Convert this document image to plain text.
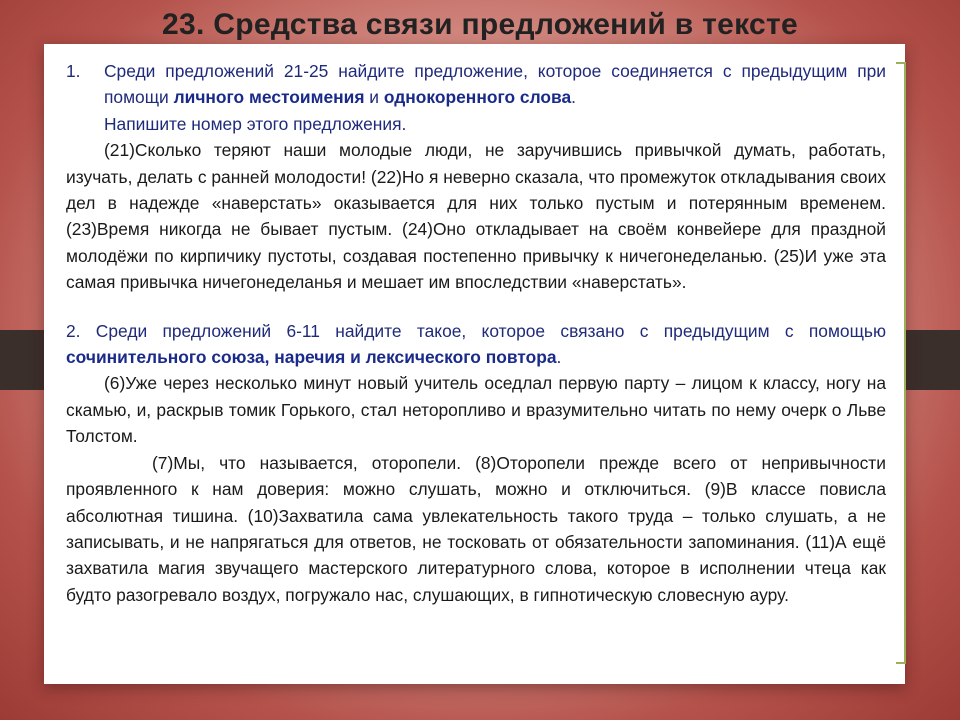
23. Средства связи предложений в тексте
1.	Среди предложений 21-25 найдите предложение, которое соединяется с предыдущим при помощи личного местоимения и однокоренного слова.
Напишите номер этого предложения.

(21)Сколько теряют наши молодые люди, не заручившись привычкой думать, работать, изучать, делать с ранней молодости! (22)Но я неверно сказала, что промежуток откладывания своих дел в надежде «наверстать» оказывается для них только пустым и потерянным временем. (23)Время никогда не бывает пустым. (24)Оно откладывает на своём конвейере для праздной молодёжи по кирпичику пустоты, создавая постепенно привычку к ничегонеделанью. (25)И уже эта самая привычка ничегонеделанья и мешает им впоследствии «наверстать».

2. Среди предложений 6-11 найдите такое, которое связано с предыдущим с помощью сочинительного союза, наречия и лексического повтора.

(6)Уже через несколько минут новый учитель оседлал первую парту – лицом к классу, ногу на скамью, и, раскрыв томик Горького, стал неторопливо и вразумительно читать по нему очерк о Льве Толстом.

(7)Мы, что называется, оторопели. (8)Оторопели прежде всего от непривычности проявленного к нам доверия: можно слушать, можно и отключиться. (9)В классе повисла абсолютная тишина. (10)Захватила сама увлекательность такого труда – только слушать, а не записывать, и не напрягаться для ответов, не тосковать от обязательности запоминания. (11)А ещё захватила магия звучащего мастерского литературного слова, которое в исполнении чтеца как будто разогревало воздух, погружало нас, слушающих, в гипнотическую словесную ауру.
